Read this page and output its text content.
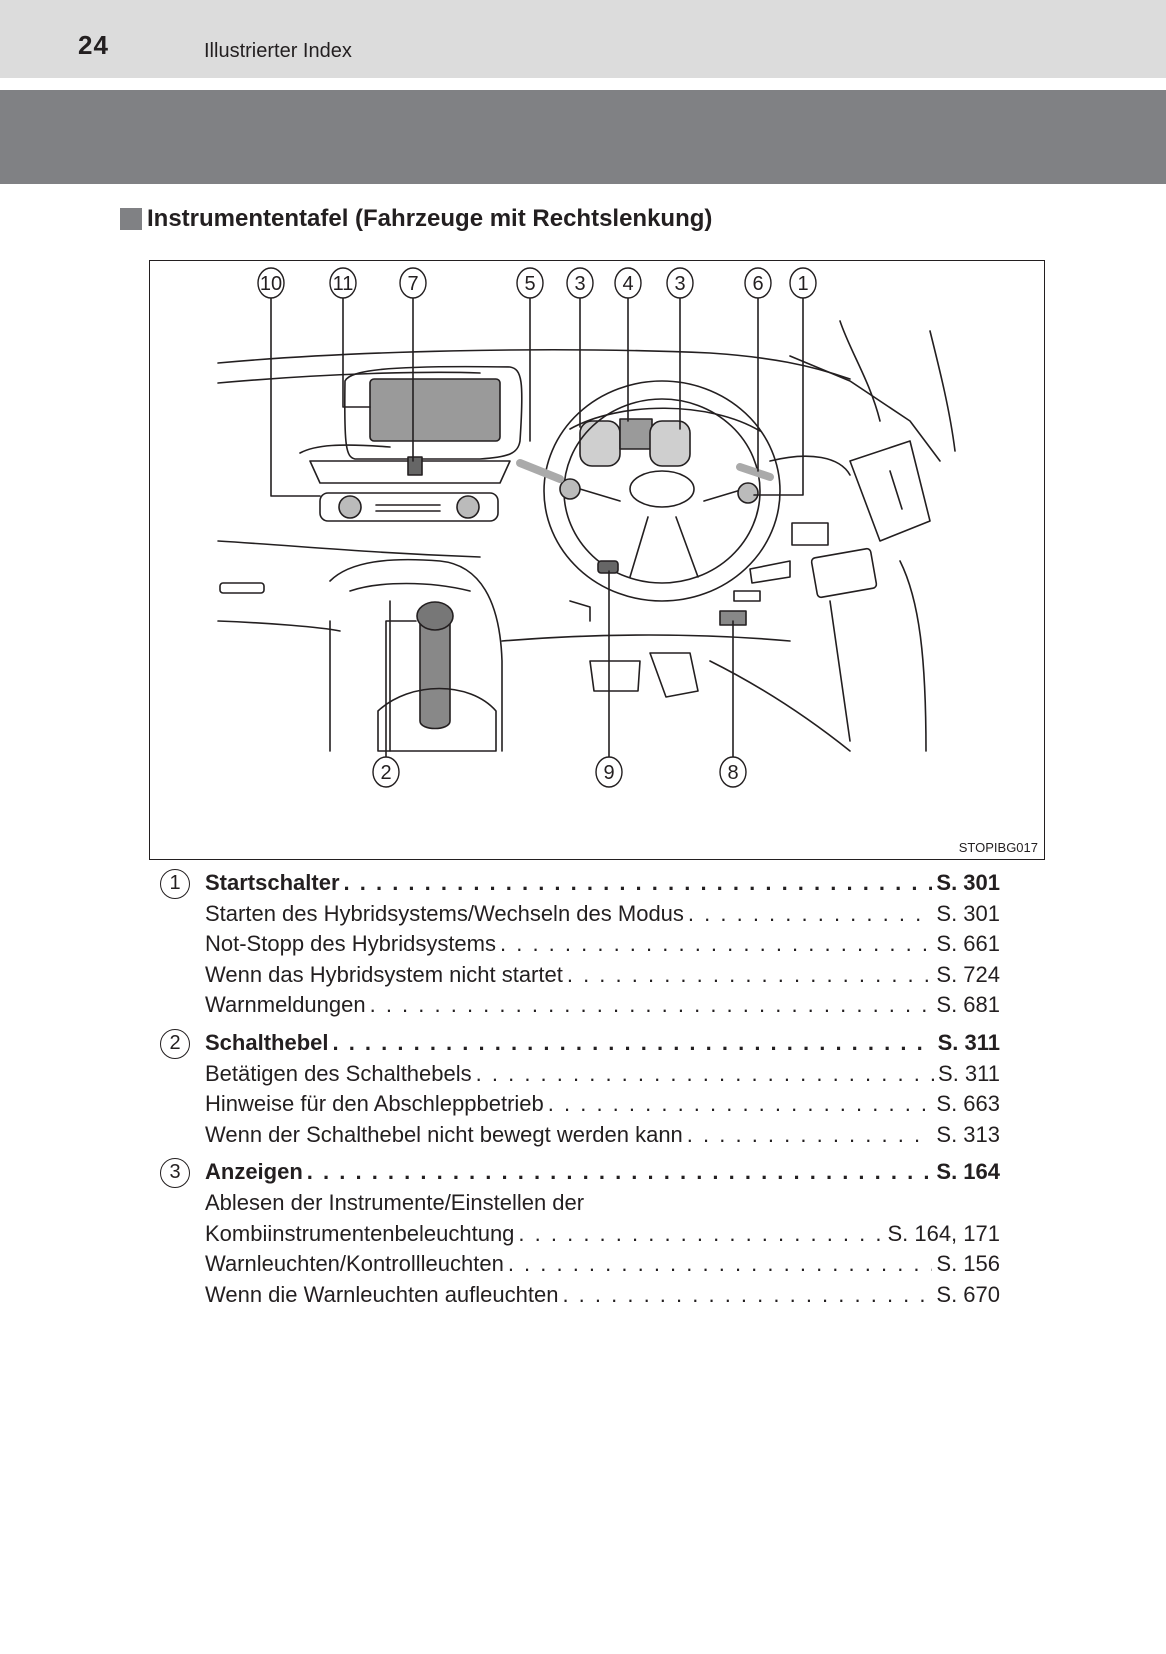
24	Illustrierter Index
Instrumententafel (Fahrzeuge mit Rechtslenkung)
10	11	7	5 3 4 3	6 1
2	9	8
STOPIBG017
1	Startschalter . . .	S. 301
Starten des Hybridsystems/Wechseln des Modus . . .	S. 301
Not-Stopp des Hybridsystems . . .	S. 661
Wenn das Hybridsystem nicht startet . . .	S. 724
Warnmeldungen . . .	S. 681
2	Schalthebel . . .	S. 311
Betätigen des Schalthebels . . .	S. 311
Hinweise für den Abschleppbetrieb . . .	S. 663
Wenn der Schalthebel nicht bewegt werden kann . . .	S. 313
3	Anzeigen . . .	S. 164
Ablesen der Instrumente/Einstellen der
Kombiinstrumentenbeleuchtung . . .	S. 164, 171
Warnleuchten/Kontrollleuchten . . .	S. 156
Wenn die Warnleuchten aufleuchten . . .	S. 670
